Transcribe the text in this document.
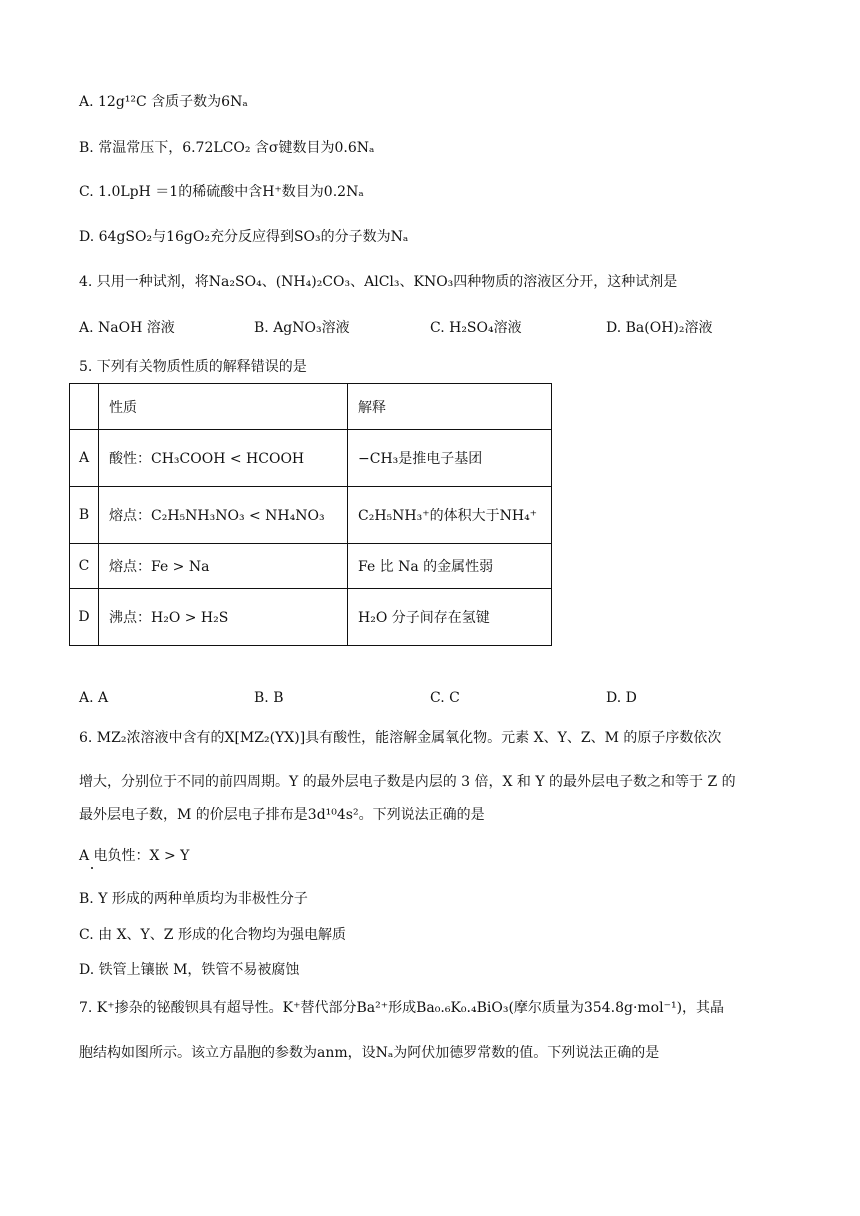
A. 12g¹²C 含质子数为6Nₐ
B. 常温常压下，6.72LCO₂ 含σ键数目为0.6Nₐ
C. 1.0LpH ＝1的稀硫酸中含H⁺数目为0.2Nₐ
D. 64gSO₂与16gO₂充分反应得到SO₃的分子数为Nₐ
4. 只用一种试剂，将Na₂SO₄、(NH₄)₂CO₃、AlCl₃、KNO₃四种物质的溶液区分开，这种试剂是
A. NaOH 溶液	B. AgNO₃溶液	C. H₂SO₄溶液	D. Ba(OH)₂溶液
5. 下列有关物质性质的解释错误的是
	性质	解释
A	酸性：CH₃COOH < HCOOH	−CH₃是推电子基团
B	熔点：C₂H₅NH₃NO₃ < NH₄NO₃	C₂H₅NH₃⁺的体积大于NH₄⁺
C	熔点：Fe > Na	Fe 比 Na 的金属性弱
D	沸点：H₂O > H₂S	H₂O 分子间存在氢键
A. A	B. B	C. C	D. D
6. MZ₂浓溶液中含有的X[MZ₂(YX)]具有酸性，能溶解金属氧化物。元素 X、Y、Z、M 的原子序数依次
增大，分别位于不同的前四周期。Y 的最外层电子数是内层的 3 倍，X 和 Y 的最外层电子数之和等于 Z 的
最外层电子数，M 的价层电子排布是3d¹⁰4s²。下列说法正确的是
A 电负性：X > Y
B. Y 形成的两种单质均为非极性分子
C. 由 X、Y、Z 形成的化合物均为强电解质
D. 铁管上镶嵌 M，铁管不易被腐蚀
7. K⁺掺杂的铋酸钡具有超导性。K⁺替代部分Ba²⁺形成Ba₀.₆K₀.₄BiO₃(摩尔质量为354.8g·mol⁻¹)，其晶
胞结构如图所示。该立方晶胞的参数为anm，设Nₐ为阿伏加德罗常数的值。下列说法正确的是
